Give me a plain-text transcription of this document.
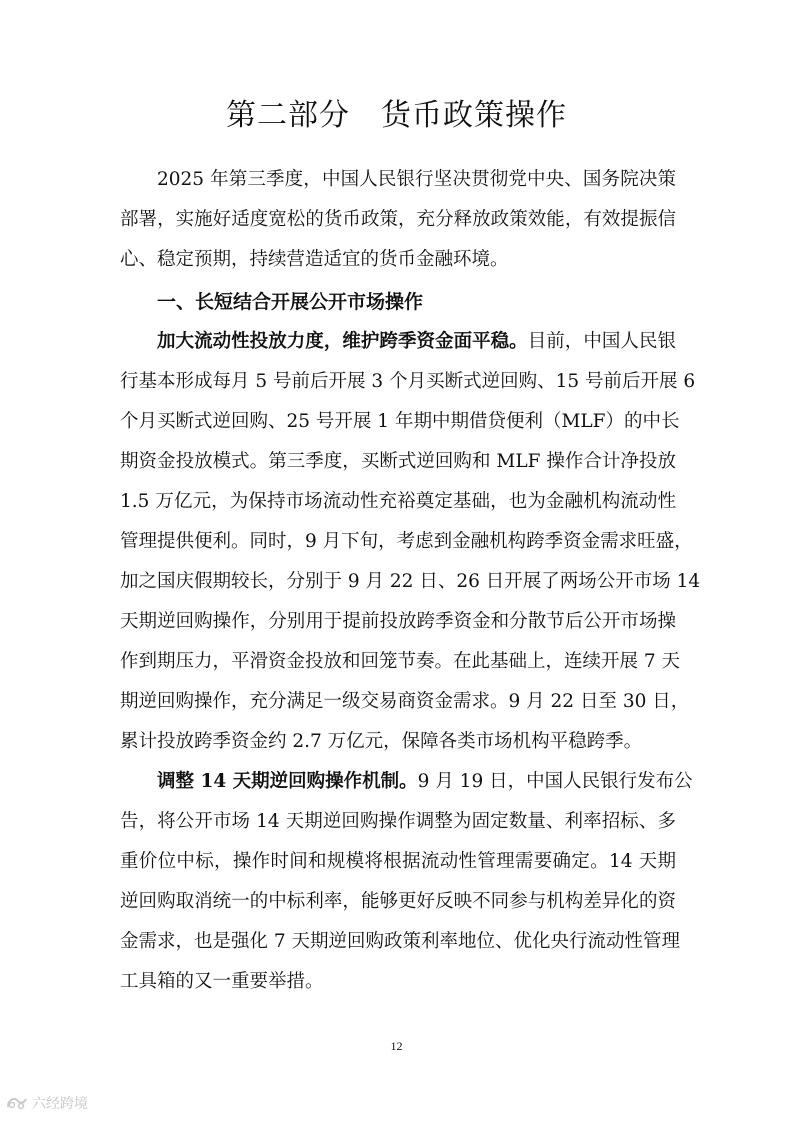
第二部分　货币政策操作
2025 年第三季度，中国人民银行坚决贯彻党中央、国务院决策
部署，实施好适度宽松的货币政策，充分释放政策效能，有效提振信
心、稳定预期，持续营造适宜的货币金融环境。
一、长短结合开展公开市场操作
加大流动性投放力度，维护跨季资金面平稳。目前，中国人民银
行基本形成每月 5 号前后开展 3 个月买断式逆回购、15 号前后开展 6
个月买断式逆回购、25 号开展 1 年期中期借贷便利（MLF）的中长
期资金投放模式。第三季度，买断式逆回购和 MLF 操作合计净投放
1.5 万亿元，为保持市场流动性充裕奠定基础，也为金融机构流动性
管理提供便利。同时，9 月下旬，考虑到金融机构跨季资金需求旺盛，
加之国庆假期较长，分别于 9 月 22 日、26 日开展了两场公开市场 14
天期逆回购操作，分别用于提前投放跨季资金和分散节后公开市场操
作到期压力，平滑资金投放和回笼节奏。在此基础上，连续开展 7 天
期逆回购操作，充分满足一级交易商资金需求。9 月 22 日至 30 日，
累计投放跨季资金约 2.7 万亿元，保障各类市场机构平稳跨季。
调整 14 天期逆回购操作机制。9 月 19 日，中国人民银行发布公
告，将公开市场 14 天期逆回购操作调整为固定数量、利率招标、多
重价位中标，操作时间和规模将根据流动性管理需要确定。14 天期
逆回购取消统一的中标利率，能够更好反映不同参与机构差异化的资
金需求，也是强化 7 天期逆回购政策利率地位、优化央行流动性管理
工具箱的又一重要举措。
12
六经跨境
